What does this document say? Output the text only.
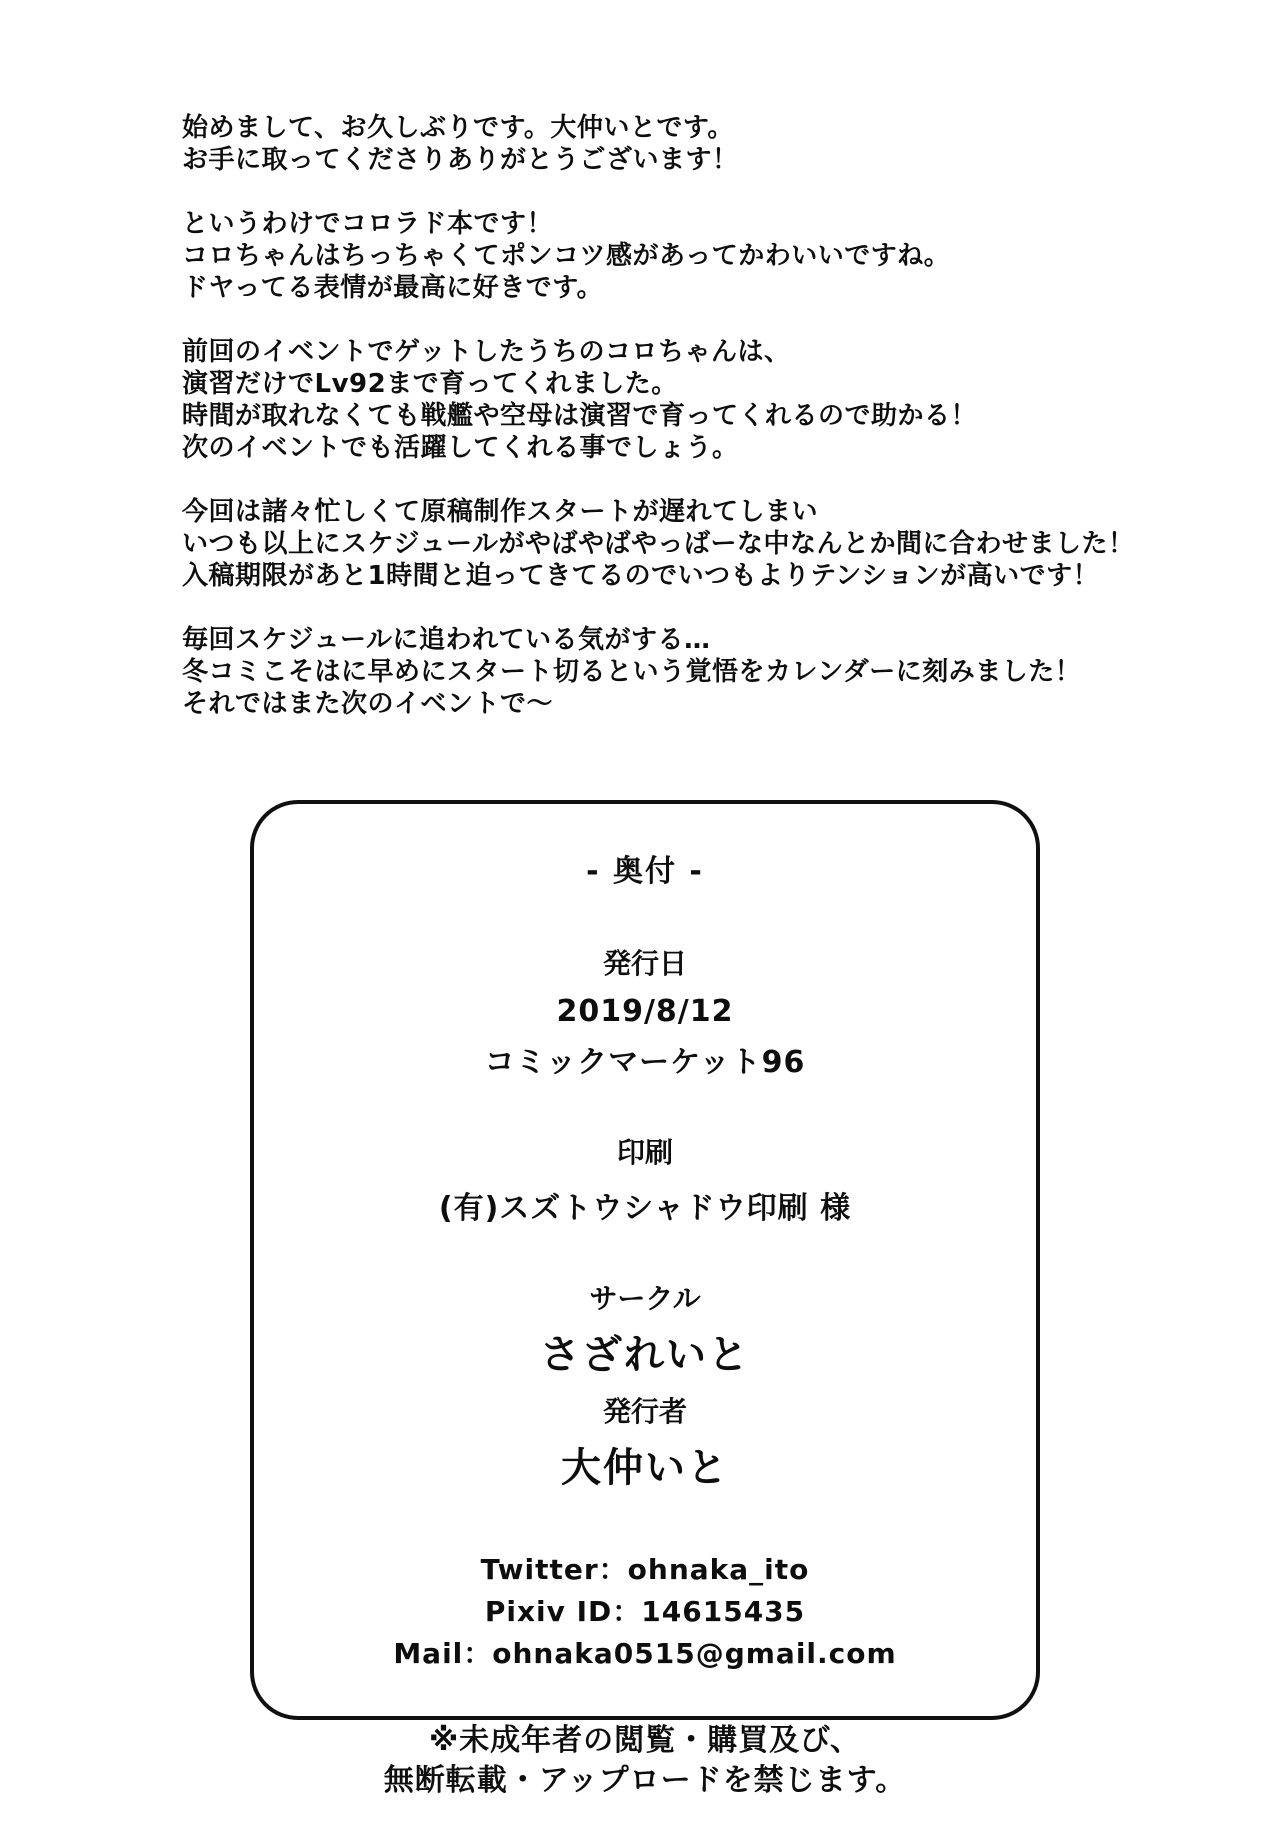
始めまして、お久しぶりです。大仲いとです。
お手に取ってくださりありがとうございます！
というわけでコロラド本です！
コロちゃんはちっちゃくてポンコツ感があってかわいいですね。
ドヤってる表情が最高に好きです。
前回のイベントでゲットしたうちのコロちゃんは、
演習だけでLv92まで育ってくれました。
時間が取れなくても戦艦や空母は演習で育ってくれるので助かる！
次のイベントでも活躍してくれる事でしょう。
今回は諸々忙しくて原稿制作スタートが遅れてしまい
いつも以上にスケジュールがやばやばやっばーな中なんとか間に合わせました！
入稿期限があと1時間と迫ってきてるのでいつもよりテンションが高いです！
毎回スケジュールに追われている気がする…
冬コミこそはに早めにスタート切るという覚悟をカレンダーに刻みました！
それではまた次のイベントで～
- 奥付 -
発行日
2019/8/12
コミックマーケット96
印刷
(有)スズトウシャドウ印刷 様
サークル
さざれいと
発行者
大仲いと
Twitter：ohnaka_ito
Pixiv ID：14615435
Mail：ohnaka0515@gmail.com
※未成年者の閲覧・購買及び、
無断転載・アップロードを禁じます。
